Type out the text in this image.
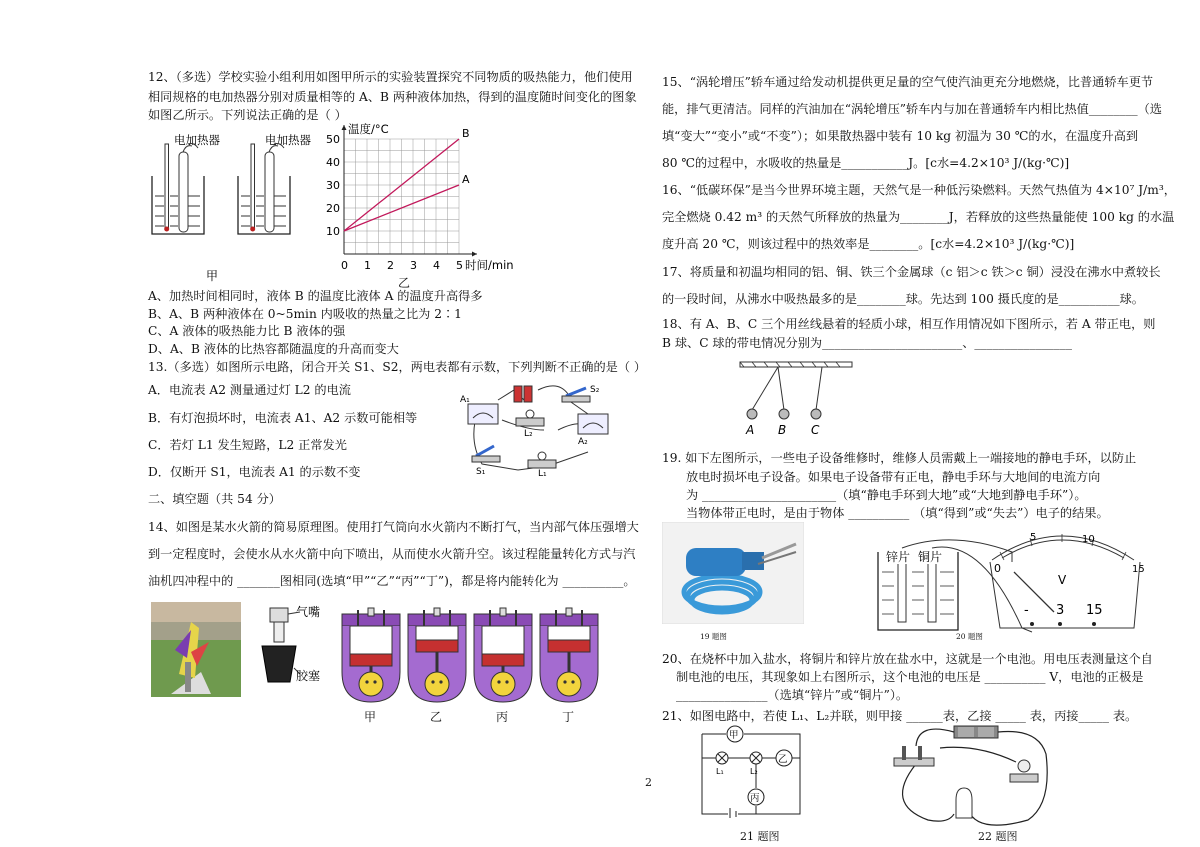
12、（多选）学校实验小组利用如图甲所示的实验装置探究不同物质的吸热能力，他们使用

相同规格的电加热器分别对质量相等的 A、B 两种液体加热，得到的温度随时间变化的图象

如图乙所示。下列说法正确的是（ ）

电加热器	电加热器
甲
0 1 2 3 4 5
10
20
30
40
50	B
A
温度/°C
时间/min

乙

A、加热时间相同时，液体 B 的温度比液体 A 的温度升高得多

B、A、B 两种液体在 0~5min 内吸收的热量之比为 2∶1

C、A 液体的吸热能力比 B 液体的强

D、A、B 液体的比热容都随温度的升高而变大

13.（多选）如图所示电路，闭合开关 S1、S2，两电表都有示数，下列判断不正确的是（ ）

A．电流表 A2 测量通过灯 L2 的电流

B．有灯泡损坏时，电流表 A1、A2 示数可能相等

C．若灯 L1 发生短路，L2 正常发光

D．仅断开 S1，电流表 A1 的示数不变

A₁
S₂
L₂
A₂
S₁	L₁

二、填空题（共 54 分）

14、如图是某水火箭的简易原理图。使用打气筒向水火箭内不断打气，当内部气体压强增大

到一定程度时，会使水从水火箭中向下喷出，从而使水火箭升空。该过程能量转化方式与汽

油机四冲程中的 _______图相同(选填“甲”“乙”“丙”“丁”)，都是将内能转化为 __________。

气嘴
胶塞
甲	乙	丙	丁

15、“涡轮增压”轿车通过给发动机提供更足量的空气使汽油更充分地燃烧，比普通轿车更节

能，排气更清洁。同样的汽油加在“涡轮增压”轿车内与加在普通轿车内相比热值________（选

填“变大”“变小”或“不变”）；如果散热器中装有 10 kg 初温为 30 ℃的水，在温度升高到

80 ℃的过程中，水吸收的热量是___________J。[c水=4.2×10³ J/(kg·℃)]

16、“低碳环保”是当今世界环境主题，天然气是一种低污染燃料。天然气热值为 4×10⁷ J/m³，

完全燃烧 0.42 m³ 的天然气所释放的热量为________J，若释放的这些热量能使 100 kg 的水温

度升高 20 ℃，则该过程中的热效率是________。[c水=4.2×10³ J/(kg·℃)]

17、将质量和初温均相同的铝、铜、铁三个金属球（c 铝＞c 铁＞c 铜）浸没在沸水中煮较长

的一段时间，从沸水中吸热最多的是________球。先达到 100 摄氏度的是__________球。

18、有 A、B、C 三个用丝线悬着的轻质小球，相互作用情况如下图所示，若 A 带正电，则

B 球、C 球的带电情况分别为_______________________、________________

A B C

19. 如下左图所示，一些电子设备维修时，维修人员需戴上一端接地的静电手环，以防止

放电时损坏电子设备。如果电子设备带有正电，静电手环与大地间的电流方向

为 ______________________（填“静电手环到大地”或“大地到静电手环”）。

当物体带正电时，是由于物体 __________ （填“得到”或“失去”）电子的结果。

19 题图

锌片 铜片
0
5	10
15
V
- 3 15

20 题图

20、在烧杯中加入盐水，将铜片和锌片放在盐水中，这就是一个电池。用电压表测量这个自

制电池的电压，其现象如上右图所示，这个电池的电压是 __________ V，电池的正极是

_______________（选填“锌片”或“铜片”）。

21、如图电路中，若使 L₁、L₂并联，则甲接 ______表，乙接 _____ 表，丙接_____ 表。

甲
乙
丙
L₁	L₂

21 题图	22 题图

2
